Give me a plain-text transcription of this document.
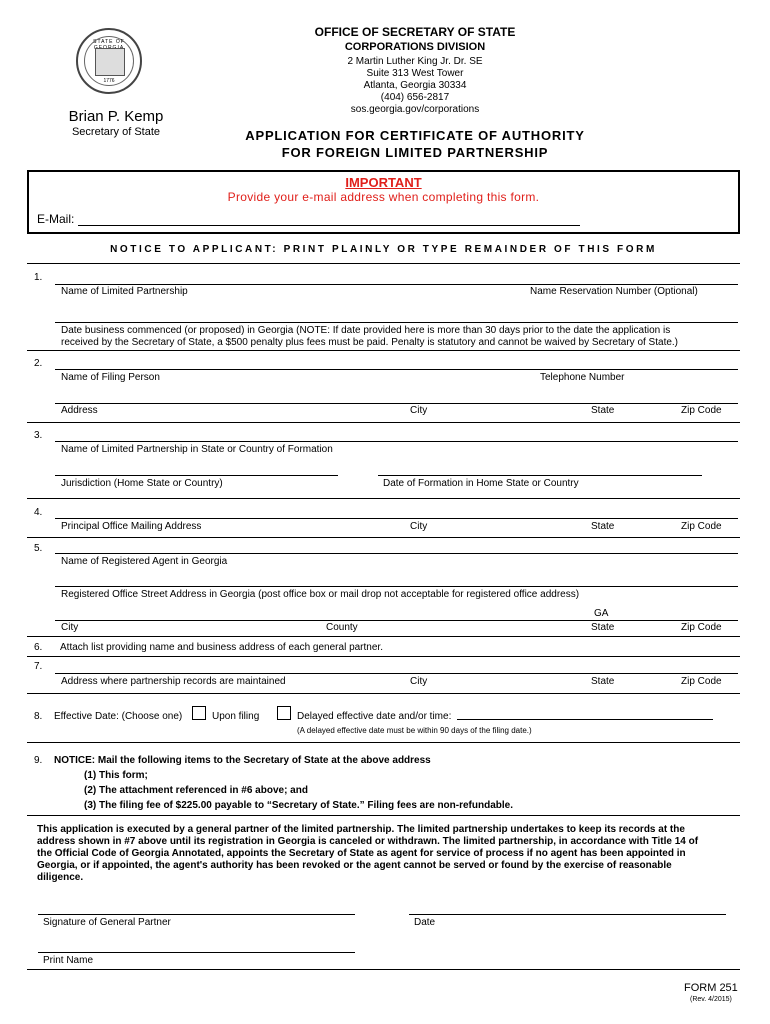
STATE OF
1776
Brian P. Kemp
Secretary of State
OFFICE OF SECRETARY OF STATE
CORPORATIONS DIVISION
2 Martin Luther King Jr. Dr. SE
Suite 313 West Tower
Atlanta, Georgia 30334
(404) 656-2817
sos.georgia.gov/corporations
APPLICATION FOR CERTIFICATE OF AUTHORITY
FOR FOREIGN LIMITED PARTNERSHIP
IMPORTANT
Provide your e-mail address when completing this form.
E-Mail:
NOTICE TO APPLICANT: PRINT PLAINLY OR TYPE REMAINDER OF THIS FORM
1.
Name of Limited Partnership	Name Reservation Number (Optional)
Date business commenced (or proposed) in Georgia (NOTE: If date provided here is more than 30 days prior to the date the application is
received by the Secretary of State, a $500 penalty plus fees must be paid. Penalty is statutory and cannot be waived by Secretary of State.)
2.
Name of Filing Person	Telephone Number
Address	City	State	Zip Code
3.
Name of Limited Partnership in State or Country of Formation
Jurisdiction (Home State or Country)	Date of Formation in Home State or Country
4.
Principal Office Mailing Address	City	State	Zip Code
5.
Name of Registered Agent in Georgia
Registered Office Street Address in Georgia (post office box or mail drop not acceptable for registered office address)
GA
City	County	State	Zip Code
6. Attach list providing name and business address of each general partner.
7.
Address where partnership records are maintained	City	State	Zip Code
8. Effective Date: (Choose one)	Upon filing	Delayed effective date and/or time:
(A delayed effective date must be within 90 days of the filing date.)
9. NOTICE: Mail the following items to the Secretary of State at the above address
(1) This form;
(2) The attachment referenced in #6 above; and
(3) The filing fee of $225.00 payable to “Secretary of State.” Filing fees are non-refundable.
This application is executed by a general partner of the limited partnership. The limited partnership undertakes to keep its records at the
address shown in #7 above until its registration in Georgia is canceled or withdrawn. The limited partnership, in accordance with Title 14 of
the Official Code of Georgia Annotated, appoints the Secretary of State as agent for service of process if no agent has been appointed in
Georgia, or if appointed, the agent's authority has been revoked or the agent cannot be served or found by the exercise of reasonable
diligence.
Signature of General Partner	Date
Print Name
FORM 251
(Rev. 4/2015)
